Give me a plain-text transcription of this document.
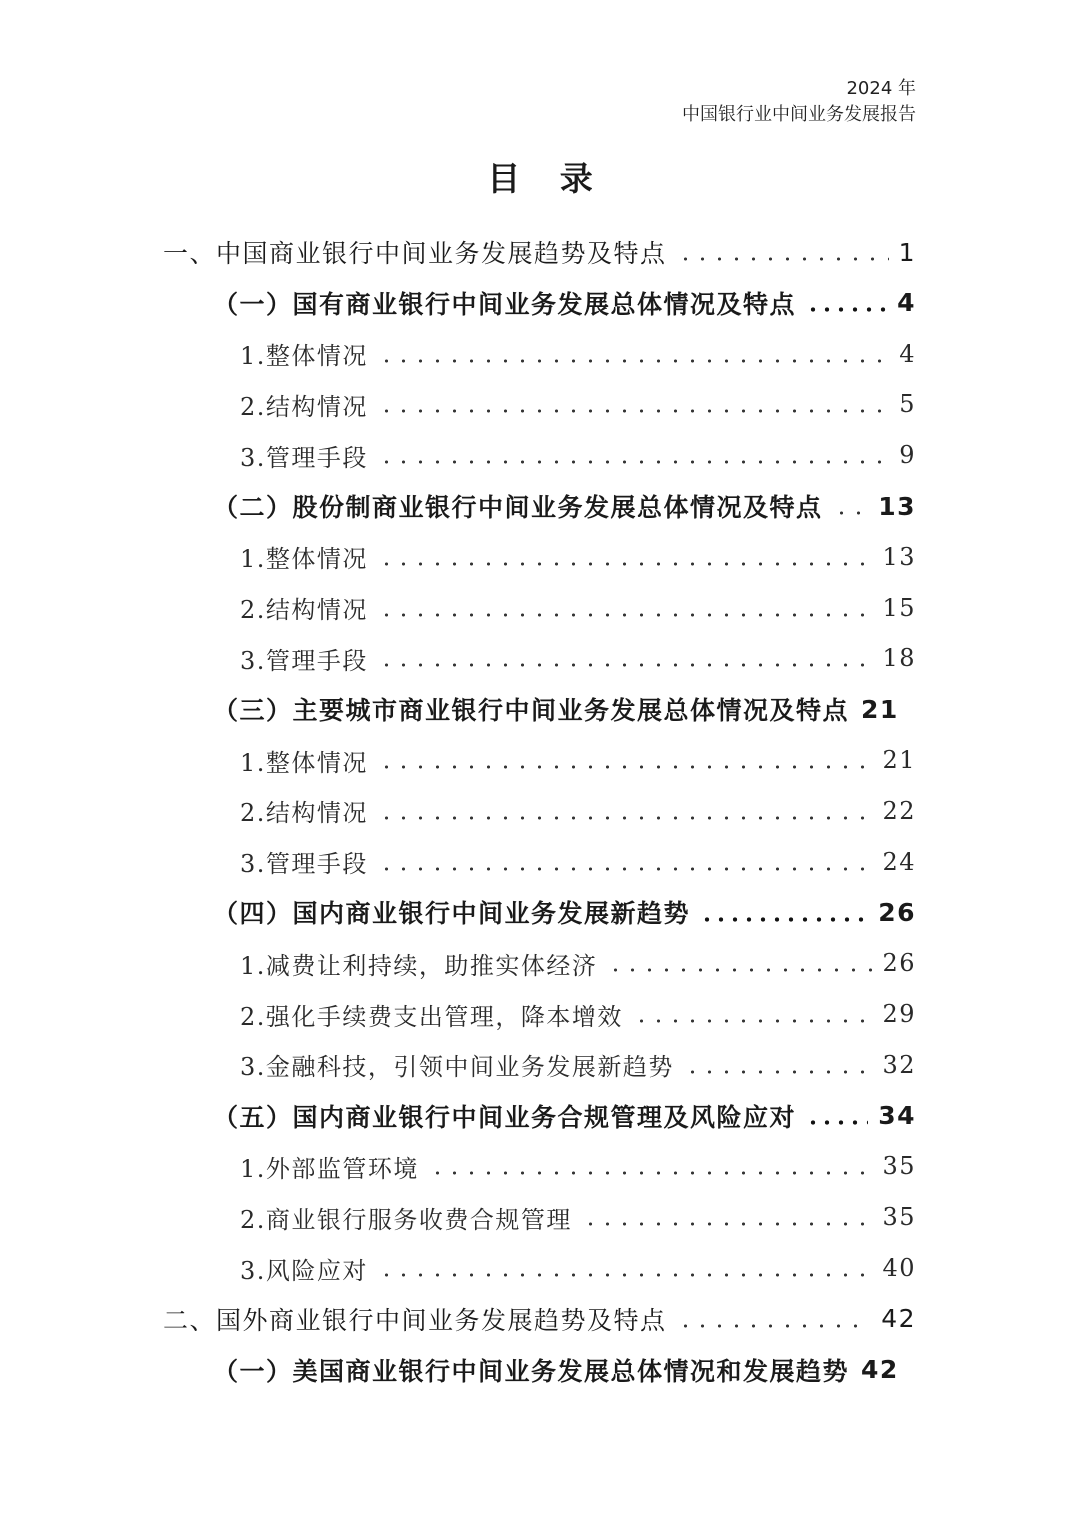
2024 年
中国银行业中间业务发展报告
目 录
一、中国商业银行中间业务发展趋势及特点	1
（一）国有商业银行中间业务发展总体情况及特点	4
1.整体情况	4
2.结构情况	5
3.管理手段	9
（二）股份制商业银行中间业务发展总体情况及特点 13
1.整体情况	13
2.结构情况	15
3.管理手段	18
（三）主要城市商业银行中间业务发展总体情况及特点 21
1.整体情况	21
2.结构情况	22
3.管理手段	24
（四）国内商业银行中间业务发展新趋势	26
1.减费让利持续，助推实体经济	26
2.强化手续费支出管理，降本增效	29
3.金融科技，引领中间业务发展新趋势	32
（五）国内商业银行中间业务合规管理及风险应对	34
1.外部监管环境	35
2.商业银行服务收费合规管理	35
3.风险应对	40
二、国外商业银行中间业务发展趋势及特点	42
（一）美国商业银行中间业务发展总体情况和发展趋势 42
